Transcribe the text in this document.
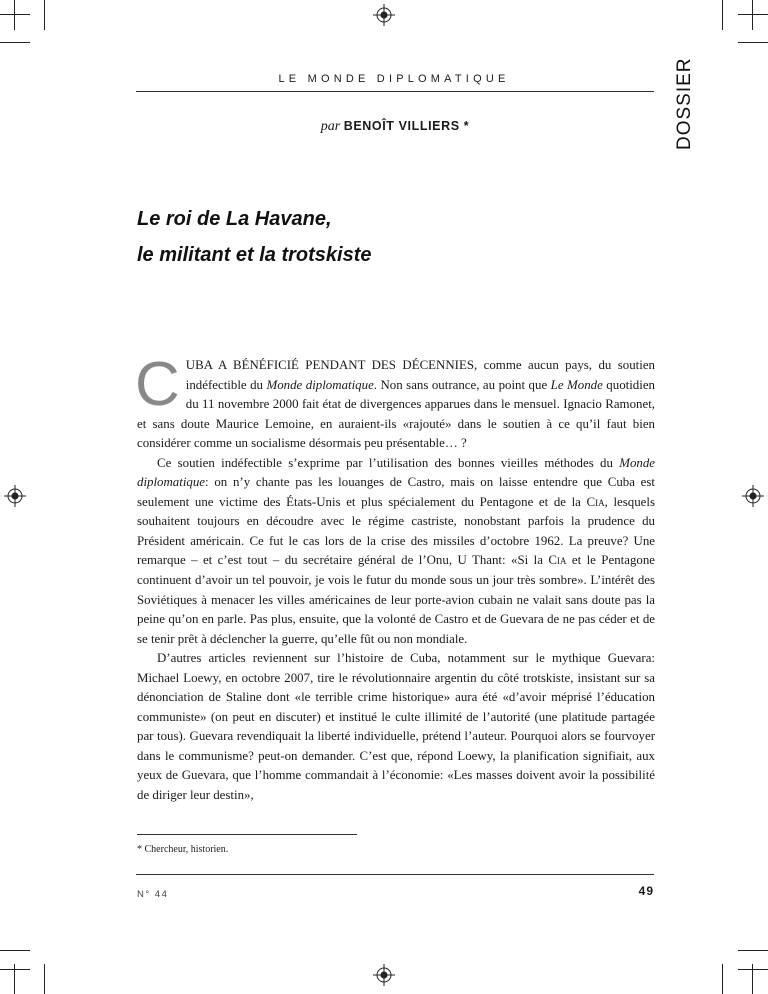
LE MONDE DIPLOMATIQUE	DOSSIER
par BENOÎT VILLIERS *
Le roi de La Havane,
le militant et la trotskiste

CUBA A BÉNÉFICIÉ PENDANT DES DÉCENNIES, comme aucun pays, du soutien indéfectible du Monde diplomatique. Non sans outrance, au point que Le Monde quotidien du 11 novembre 2000 fait état de divergences apparues dans le mensuel. Ignacio Ramonet, et sans doute Maurice Lemoine, en auraient-ils «rajouté» dans le soutien à ce qu’il faut bien considérer comme un socialisme désormais peu présentable… ?

Ce soutien indéfectible s’exprime par l’utilisation des bonnes vieilles méthodes du Monde diplomatique: on n’y chante pas les louanges de Castro, mais on laisse entendre que Cuba est seulement une victime des États-Unis et plus spécialement du Pentagone et de la Cia, lesquels souhaitent toujours en découdre avec le régime castriste, nonobstant parfois la prudence du Président américain. Ce fut le cas lors de la crise des missiles d’octobre 1962. La preuve? Une remarque – et c’est tout – du secrétaire général de l’Onu, U Thant: «Si la Cia et le Pentagone continuent d’avoir un tel pouvoir, je vois le futur du monde sous un jour très sombre». L’intérêt des Soviétiques à menacer les villes américaines de leur porte-avion cubain ne valait sans doute pas la peine qu’on en parle. Pas plus, ensuite, que la volonté de Castro et de Guevara de ne pas céder et de se tenir prêt à déclencher la guerre, qu’elle fût ou non mondiale.

D’autres articles reviennent sur l’histoire de Cuba, notamment sur le mythique Guevara: Michael Loewy, en octobre 2007, tire le révolutionnaire argentin du côté trotskiste, insistant sur sa dénonciation de Staline dont «le terrible crime historique» aura été «d’avoir méprisé l’éducation communiste» (on peut en discuter) et institué le culte illimité de l’autorité (une platitude partagée par tous). Guevara revendiquait la liberté individuelle, prétend l’auteur. Pourquoi alors se fourvoyer dans le communisme? peut-on demander. C’est que, répond Loewy, la planification signifiait, aux yeux de Guevara, que l’homme commandait à l’économie: «Les masses doivent avoir la possibilité de diriger leur destin»,

* Chercheur, historien.
N° 44	49
